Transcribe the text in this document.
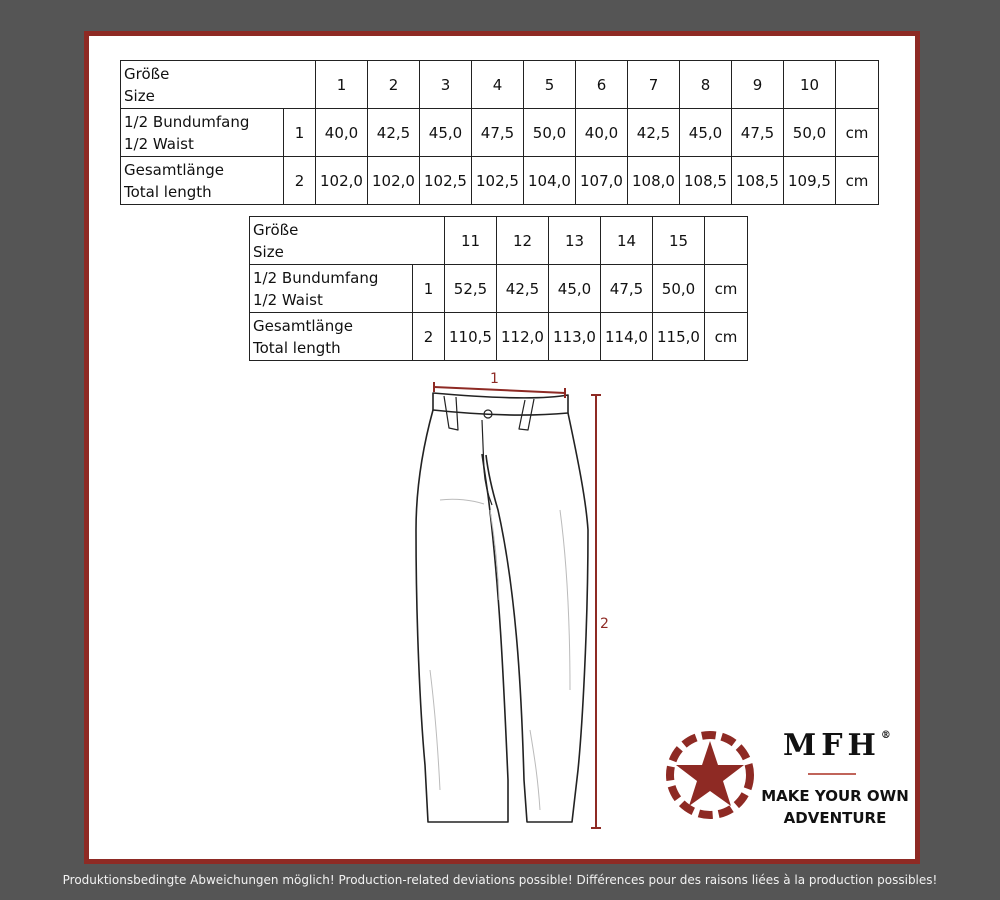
Größe
Size		1	2	3	4	5	6	7	8	9	10	
1/2 Bundumfang
1/2 Waist	1	40,0	42,5	45,0	47,5	50,0	40,0	42,5	45,0	47,5	50,0	cm
Gesamtlänge
Total length	2	102,0	102,0	102,5	102,5	104,0	107,0	108,0	108,5	108,5	109,5	cm
Größe
Size		11	12	13	14	15	
1/2 Bundumfang
1/2 Waist	1	52,5	42,5	45,0	47,5	50,0	cm
Gesamtlänge
Total length	2	110,5	112,0	113,0	114,0	115,0	cm
1
2
MFH®
MAKE YOUR OWN
ADVENTURE
Produktionsbedingte Abweichungen möglich! Production-related deviations possible! Différences pour des raisons liées à la production possibles!
